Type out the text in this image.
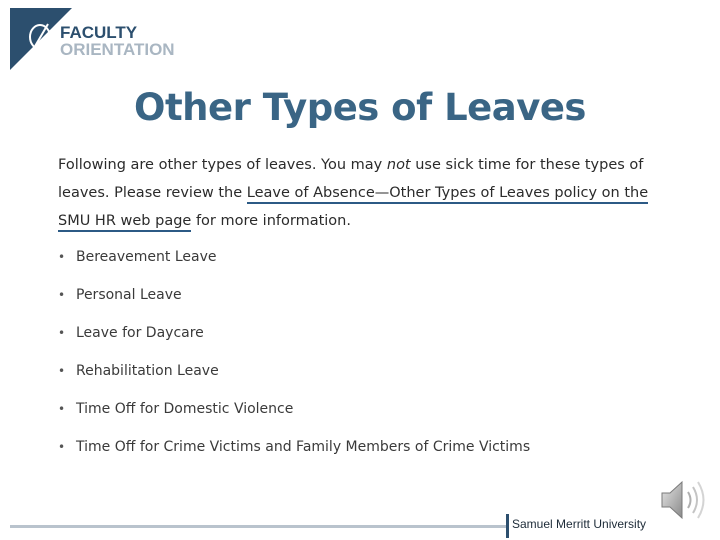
FACULTY
ORIENTATION
Other Types of Leaves

Following are other types of leaves. You may not use sick time for these types of leaves. Please review the Leave of Absence—Other Types of Leaves policy on the SMU HR web page for more information.

• Bereavement Leave
• Personal Leave
• Leave for Daycare
• Rehabilitation Leave
• Time Off for Domestic Violence
• Time Off for Crime Victims and Family Members of Crime Victims
Samuel Merritt University
